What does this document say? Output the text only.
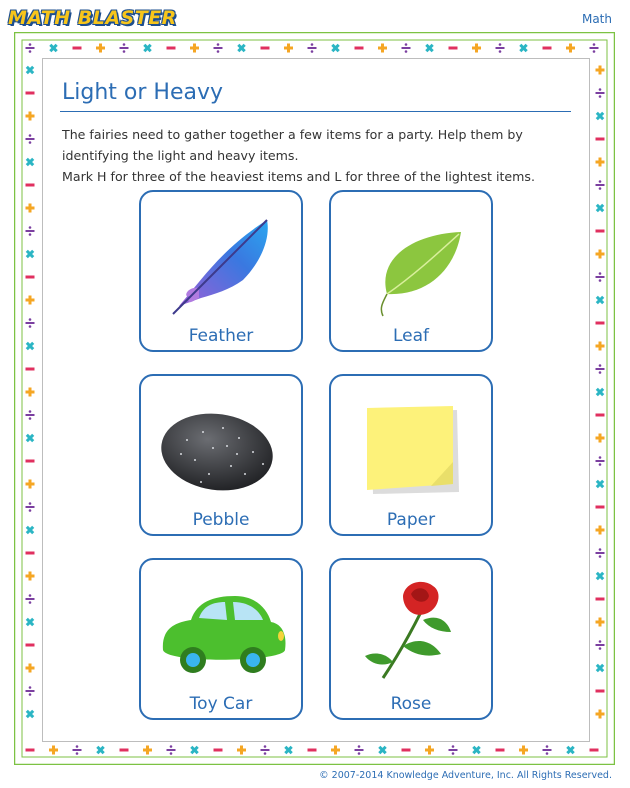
MATH BLASTER	Math
Light or Heavy

The fairies need to gather together a few items for a party. Help them by identifying the light and heavy items.

Mark H for three of the heaviest items and L for three of the lightest items.

Feather	Leaf
Pebble	Paper
Toy Car	Rose
© 2007-2014 Knowledge Adventure, Inc. All Rights Reserved.
